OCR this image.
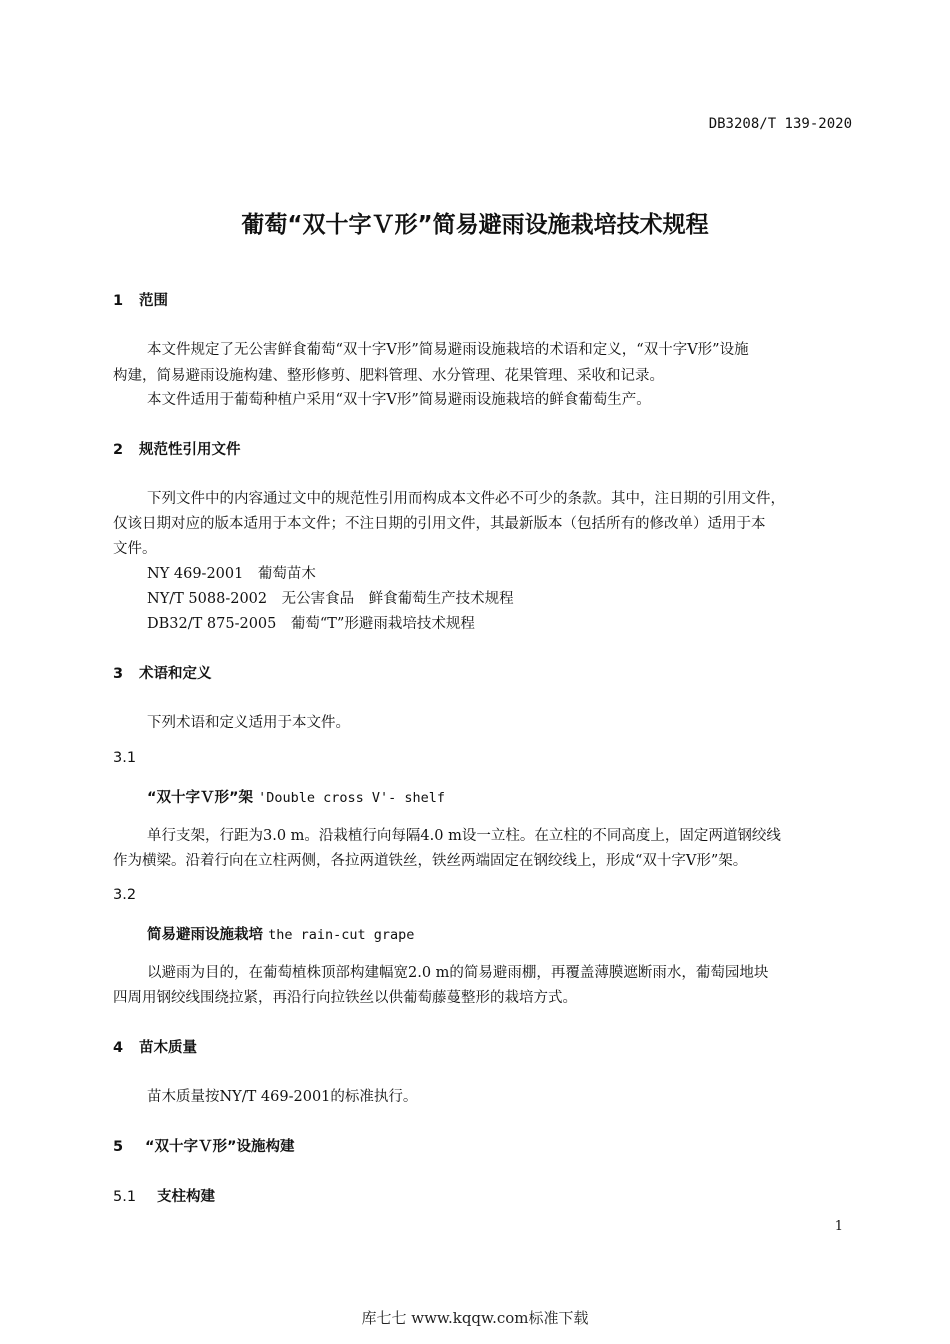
DB3208/T 139-2020
葡萄“双十字Ｖ形”简易避雨设施栽培技术规程
1 范围
本文件规定了无公害鲜食葡萄“双十字V形”简易避雨设施栽培的术语和定义，“双十字V形”设施
构建，简易避雨设施构建、整形修剪、肥料管理、水分管理、花果管理、采收和记录。
本文件适用于葡萄种植户采用“双十字V形”简易避雨设施栽培的鲜食葡萄生产。
2 规范性引用文件
下列文件中的内容通过文中的规范性引用而构成本文件必不可少的条款。其中，注日期的引用文件，
仅该日期对应的版本适用于本文件；不注日期的引用文件，其最新版本（包括所有的修改单）适用于本
文件。
NY 469-2001　葡萄苗木
NY/T 5088-2002　无公害食品　鲜食葡萄生产技术规程
DB32/T 875-2005　葡萄“T”形避雨栽培技术规程
3 术语和定义
下列术语和定义适用于本文件。
3.1
“双十字Ｖ形”架 'Double cross V'- shelf
单行支架，行距为3.0 m。沿栽植行向每隔4.0 m设一立柱。在立柱的不同高度上，固定两道钢绞线
作为横梁。沿着行向在立柱两侧，各拉两道铁丝，铁丝两端固定在钢绞线上，形成“双十字V形”架。
3.2
简易避雨设施栽培 the rain-cut grape
以避雨为目的，在葡萄植株顶部构建幅宽2.0 m的简易避雨棚，再覆盖薄膜遮断雨水，葡萄园地块
四周用钢绞线围绕拉紧，再沿行向拉铁丝以供葡萄藤蔓整形的栽培方式。
4 苗木质量
苗木质量按NY/T 469-2001的标准执行。
5 “双十字Ｖ形”设施构建
5.1 支柱构建
1
库七七 www.kqqw.com标准下载
